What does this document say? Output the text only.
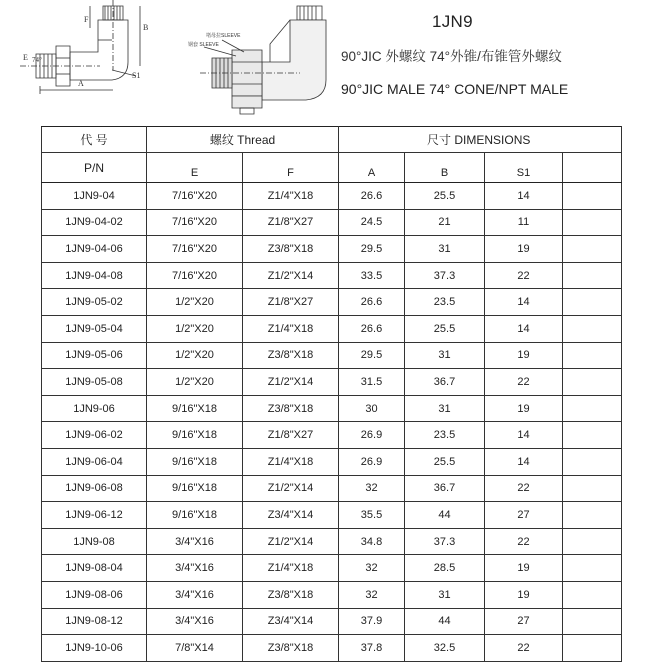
A
B
F
E 74°
S1
堵母拉SLEEVE
钢套 SLEEVE
1JN9
90°JIC 外螺纹 74°外锥/布锥管外螺纹
90°JIC MALE 74° CONE/NPT MALE
代 号	螺纹 Thread		尺寸 DIMENSIONS			
P/N	E	F	A	B	S1	
1JN9-04	7/16"X20	Z1/4"X18	26.6	25.5	14	
1JN9-04-02	7/16"X20	Z1/8"X27	24.5	21	11	
1JN9-04-06	7/16"X20	Z3/8"X18	29.5	31	19	
1JN9-04-08	7/16"X20	Z1/2"X14	33.5	37.3	22	
1JN9-05-02	1/2"X20	Z1/8"X27	26.6	23.5	14	
1JN9-05-04	1/2"X20	Z1/4"X18	26.6	25.5	14	
1JN9-05-06	1/2"X20	Z3/8"X18	29.5	31	19	
1JN9-05-08	1/2"X20	Z1/2"X14	31.5	36.7	22	
1JN9-06	9/16"X18	Z3/8"X18	30	31	19	
1JN9-06-02	9/16"X18	Z1/8"X27	26.9	23.5	14	
1JN9-06-04	9/16"X18	Z1/4"X18	26.9	25.5	14	
1JN9-06-08	9/16"X18	Z1/2"X14	32	36.7	22	
1JN9-06-12	9/16"X18	Z3/4"X14	35.5	44	27	
1JN9-08	3/4"X16	Z1/2"X14	34.8	37.3	22	
1JN9-08-04	3/4"X16	Z1/4"X18	32	28.5	19	
1JN9-08-06	3/4"X16	Z3/8"X18	32	31	19	
1JN9-08-12	3/4"X16	Z3/4"X14	37.9	44	27	
1JN9-10-06	7/8"X14	Z3/8"X18	37.8	32.5	22	
